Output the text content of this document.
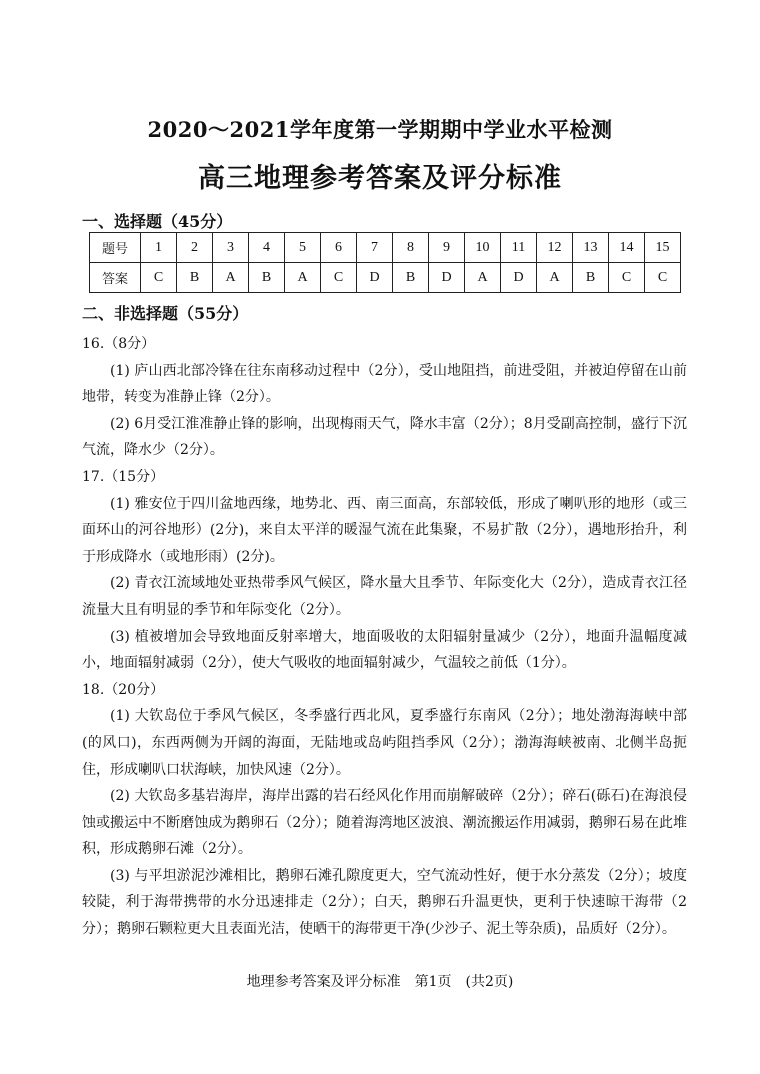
2020～2021学年度第一学期期中学业水平检测
高三地理参考答案及评分标准
一、选择题（45分）
题号	1	2	3	4	5	6	7	8	9	10	11	12	13	14	15
答案	C	B	A	B	A	C	D	B	D	A	D	A	B	C	C
二、非选择题（55分）

16.（8分）

(1) 庐山西北部冷锋在往东南移动过程中（2分），受山地阻挡，前进受阻，并被迫停留在山前地带，转变为准静止锋（2分）。

(2) 6月受江淮准静止锋的影响，出现梅雨天气，降水丰富（2分）；8月受副高控制，盛行下沉气流，降水少（2分）。

17.（15分）

(1) 雅安位于四川盆地西缘，地势北、西、南三面高，东部较低，形成了喇叭形的地形（或三面环山的河谷地形）(2分)，来自太平洋的暖湿气流在此集聚，不易扩散（2分），遇地形抬升，利于形成降水（或地形雨）(2分)。

(2) 青衣江流域地处亚热带季风气候区，降水量大且季节、年际变化大（2分），造成青衣江径流量大且有明显的季节和年际变化（2分）。

(3) 植被增加会导致地面反射率增大，地面吸收的太阳辐射量减少（2分），地面升温幅度减小，地面辐射减弱（2分），使大气吸收的地面辐射减少，气温较之前低（1分）。

18.（20分）

(1) 大钦岛位于季风气候区，冬季盛行西北风，夏季盛行东南风（2分）；地处渤海海峡中部(的风口)，东西两侧为开阔的海面，无陆地或岛屿阻挡季风（2分）；渤海海峡被南、北侧半岛扼住，形成喇叭口状海峡，加快风速（2分）。

(2) 大钦岛多基岩海岸，海岸出露的岩石经风化作用而崩解破碎（2分）；碎石(砾石)在海浪侵蚀或搬运中不断磨蚀成为鹅卵石（2分）；随着海湾地区波浪、潮流搬运作用减弱，鹅卵石易在此堆积，形成鹅卵石滩（2分）。

(3) 与平坦淤泥沙滩相比，鹅卵石滩孔隙度更大，空气流动性好，便于水分蒸发（2分）；坡度较陡，利于海带携带的水分迅速排走（2分）；白天，鹅卵石升温更快，更利于快速晾干海带（2分）；鹅卵石颗粒更大且表面光洁，使晒干的海带更干净(少沙子、泥土等杂质)，品质好（2分）。

地理参考答案及评分标准　第1页　(共2页)
